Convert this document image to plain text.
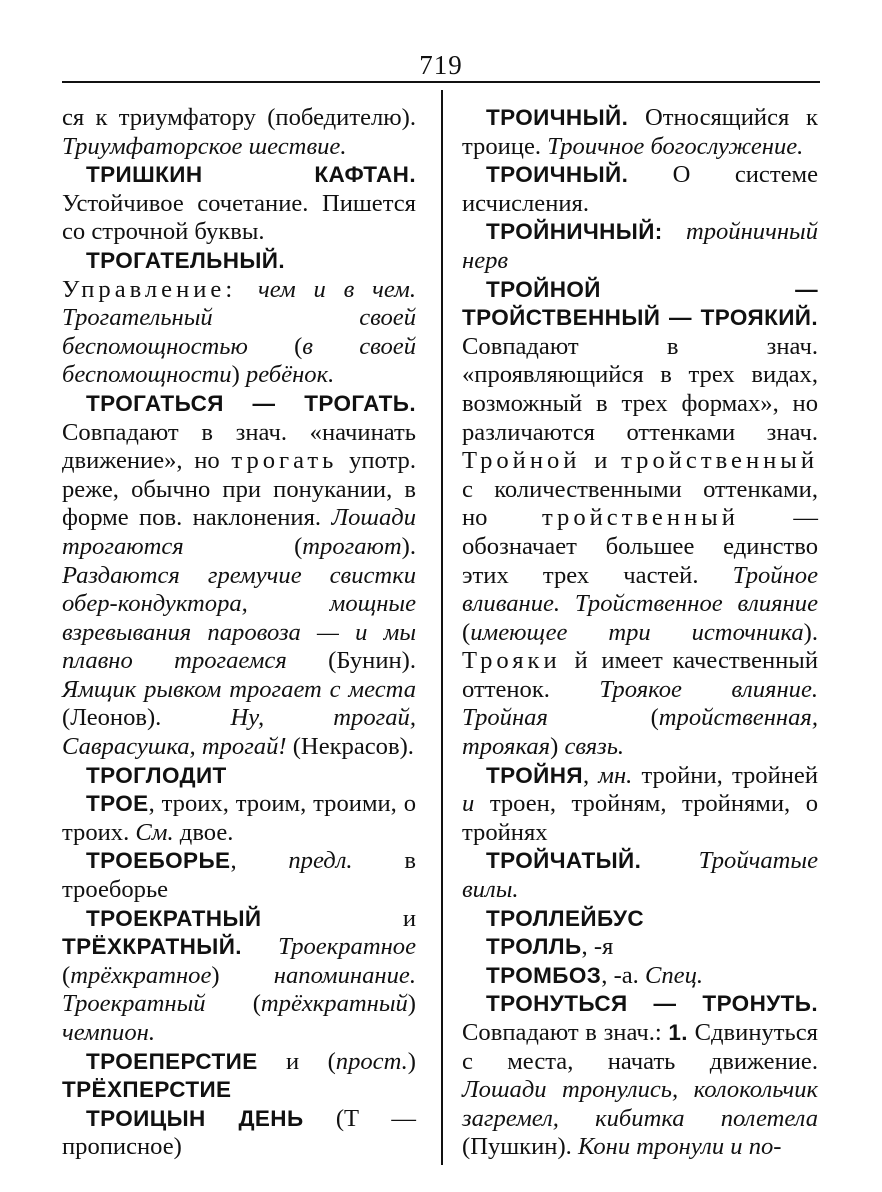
719

ся к триумфатору (победителю). Триумфаторское шествие.

ТРИШКИН КАФТАН. Устойчивое сочетание. Пишется со строчной буквы.

ТРОГАТЕЛЬНЫЙ. Управление: чем и в чем. Трогательный своей беспомощностью (в своей беспомощности) ребёнок.

ТРОГАТЬСЯ — ТРОГАТЬ. Совпадают в знач. «начинать движение», но трогать употр. реже, обычно при понукании, в форме пов. наклонения. Лошади трогаются (трогают). Раздаются гремучие свистки обер-кондуктора, мощные взревывания паровоза — и мы плавно трогаемся (Бунин). Ямщик рывком трогает с места (Леонов). Ну, трогай, Саврасушка, трогай! (Некрасов).

ТРОГЛОДИТ

ТРОЕ, троих, троим, троими, о троих. См. двое.

ТРОЕБОРЬЕ, предл. в троеборье

ТРОЕКРАТНЫЙ и ТРЁХКРАТНЫЙ. Троекратное (трёхкратное) напоминание. Троекратный (трёхкратный) чемпион.

ТРОЕПЕРСТИЕ и (прост.) ТРЁХПЕРСТИЕ

ТРОИЦЫН ДЕНЬ (Т — прописное)

ТРОИЧНЫЙ. Относящийся к троице. Троичное богослужение.

ТРОИЧНЫЙ. О системе исчисления.

ТРОЙНИЧНЫЙ: тройничный нерв

ТРОЙНОЙ — ТРОЙСТВЕННЫЙ — ТРОЯКИЙ. Совпадают в знач. «проявляющийся в трех видах, возможный в трех формах», но различаются оттенками знач. Тройной и тройственный с количественными оттенками, но тройственный — обозначает большее единство этих трех частей. Тройное вливание. Тройственное влияние (имеющее три источника). Трояки й имеет качественный оттенок. Троякое влияние. Тройная (тройственная, троякая) связь.

ТРОЙНЯ, мн. тройни, тройней и троен, тройням, тройнями, о тройнях

ТРОЙЧАТЫЙ. Тройчатые вилы.

ТРОЛЛЕЙБУС

ТРОЛЛЬ, -я

ТРОМБОЗ, -а. Спец.

ТРОНУТЬСЯ — ТРОНУТЬ. Совпадают в знач.: 1. Сдвинуться с места, начать движение. Лошади тронулись, колокольчик загремел, кибитка полетела (Пушкин). Кони тронули и по-
